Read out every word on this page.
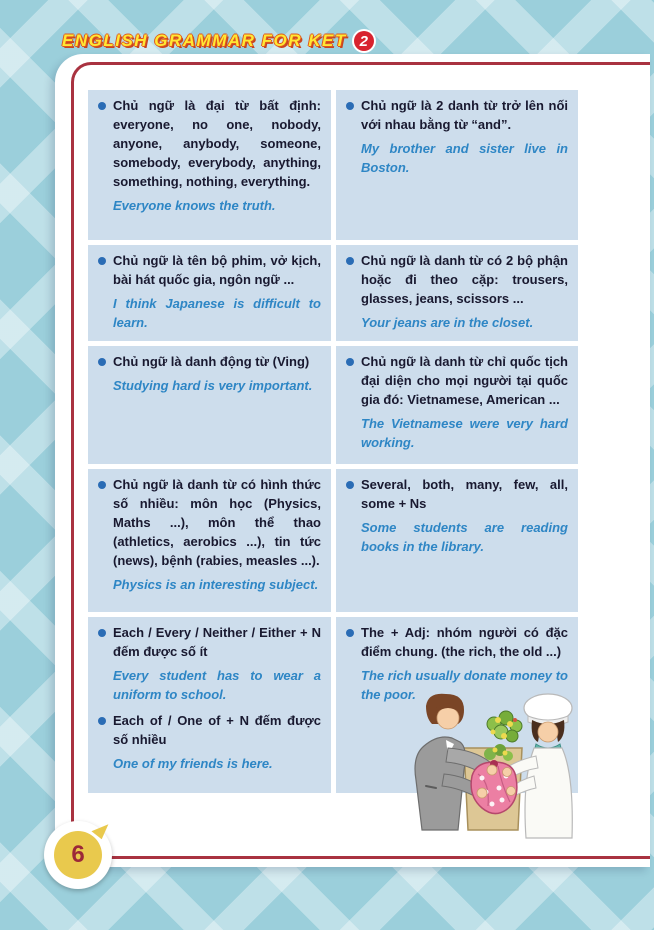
ENGLISH GRAMMAR FOR KET 2

Chủ ngữ là đại từ bất định: everyone, no one, nobody, anyone, anybody, someone, somebody, everybody, anything, something, nothing, everything.

Everyone knows the truth.

Chủ ngữ là 2 danh từ trở lên nối với nhau bằng từ “and”.

My brother and sister live in Boston.

Chủ ngữ là tên bộ phim, vở kịch, bài hát quốc gia, ngôn ngữ ...

I think Japanese is difficult to learn.

Chủ ngữ là danh từ có 2 bộ phận hoặc đi theo cặp: trousers, glasses, jeans, scissors ...

Your jeans are in the closet.

Chủ ngữ là danh động từ (Ving)

Studying hard is very important.

Chủ ngữ là danh từ chỉ quốc tịch đại diện cho mọi người tại quốc gia đó: Vietnamese, American ...

The Vietnamese were very hard working.

Chủ ngữ là danh từ có hình thức số nhiều: môn học (Physics, Maths ...), môn thể thao (athletics, aerobics ...), tin tức (news), bệnh (rabies, measles ...).

Physics is an interesting subject.

Several, both, many, few, all, some + Ns

Some students are reading books in the library.

Each / Every / Neither / Either + N đếm được số ít

Every student has to wear a uniform to school.

Each of / One of + N đếm được số nhiều

One of my friends is here.

The + Adj: nhóm người có đặc điểm chung. (the rich, the old ...)

The rich usually donate money to the poor.

6
